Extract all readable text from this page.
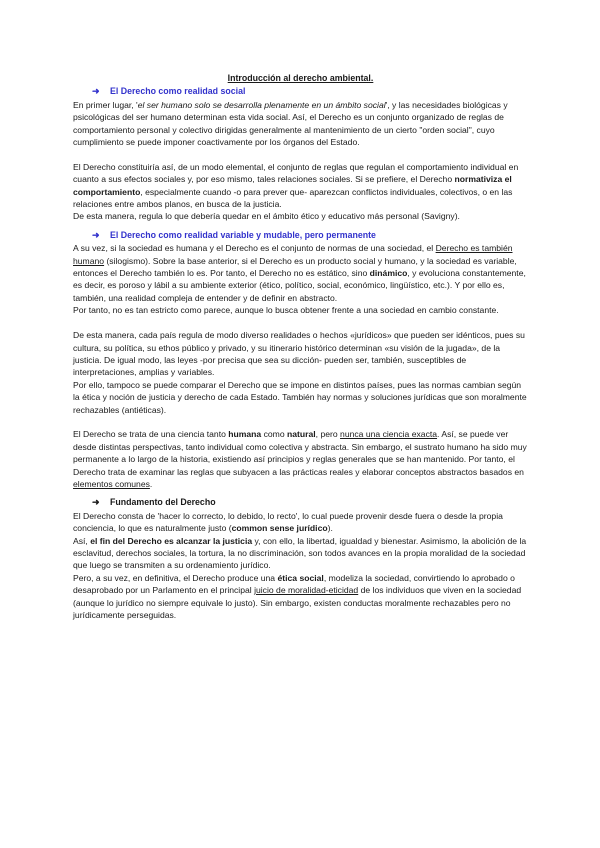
Introducción al derecho ambiental.
➜	El Derecho como realidad social

En primer lugar, 'el ser humano solo se desarrolla plenamente en un ámbito social', y las necesidades biológicas y psicológicas del ser humano determinan esta vida social. Así, el Derecho es un conjunto organizado de reglas de comportamiento personal y colectivo dirigidas generalmente al mantenimiento de un cierto "orden social", cuyo cumplimiento se puede imponer coactivamente por los órganos del Estado.

El Derecho constituiría así, de un modo elemental, el conjunto de reglas que regulan el comportamiento individual en cuanto a sus efectos sociales y, por eso mismo, tales relaciones sociales. Si se prefiere, el Derecho normativiza el comportamiento, especialmente cuando -o para prever que- aparezcan conflictos individuales, colectivos, o en las relaciones entre ambos planos, en busca de la justicia.

De esta manera, regula lo que debería quedar en el ámbito ético y educativo más personal (Savigny).

➜	El Derecho como realidad variable y mudable, pero permanente

A su vez, si la sociedad es humana y el Derecho es el conjunto de normas de una sociedad, el Derecho es también humano (silogismo). Sobre la base anterior, si el Derecho es un producto social y humano, y la sociedad es variable, entonces el Derecho también lo es. Por tanto, el Derecho no es estático, sino dinámico, y evoluciona constantemente, es decir, es poroso y lábil a su ambiente exterior (ético, político, social, económico, lingüístico, etc.). Y por ello es, también, una realidad compleja de entender y de definir en abstracto.

Por tanto, no es tan estricto como parece, aunque lo busca obtener frente a una sociedad en cambio constante.

De esta manera, cada país regula de modo diverso realidades o hechos «jurídicos» que pueden ser idénticos, pues su cultura, su política, su ethos público y privado, y su itinerario histórico determinan «su visión de la jugada», de la justicia. De igual modo, las leyes -por precisa que sea su dicción- pueden ser, también, susceptibles de interpretaciones, amplias y variables.

Por ello, tampoco se puede comparar el Derecho que se impone en distintos países, pues las normas cambian según la ética y noción de justicia y derecho de cada Estado. También hay normas y soluciones jurídicas que son moralmente rechazables (antiéticas).

El Derecho se trata de una ciencia tanto humana como natural, pero nunca una ciencia exacta. Así, se puede ver desde distintas perspectivas, tanto individual como colectiva y abstracta. Sin embargo, el sustrato humano ha sido muy permanente a lo largo de la historia, existiendo así principios y reglas generales que se han mantenido. Por tanto, el Derecho trata de examinar las reglas que subyacen a las prácticas reales y elaborar conceptos abstractos basados en elementos comunes.

➜	Fundamento del Derecho

El Derecho consta de 'hacer lo correcto, lo debido, lo recto', lo cual puede provenir desde fuera o desde la propia conciencia, lo que es naturalmente justo (common sense jurídico).

Así, el fin del Derecho es alcanzar la justicia y, con ello, la libertad, igualdad y bienestar. Asimismo, la abolición de la esclavitud, derechos sociales, la tortura, la no discriminación, son todos avances en la propia moralidad de la sociedad que luego se transmiten a su ordenamiento jurídico.

Pero, a su vez, en definitiva, el Derecho produce una ética social, modeliza la sociedad, convirtiendo lo aprobado o desaprobado por un Parlamento en el principal juicio de moralidad-eticidad de los individuos que viven en la sociedad (aunque lo jurídico no siempre equivale lo justo). Sin embargo, existen conductas moralmente rechazables pero no jurídicamente perseguidas.
